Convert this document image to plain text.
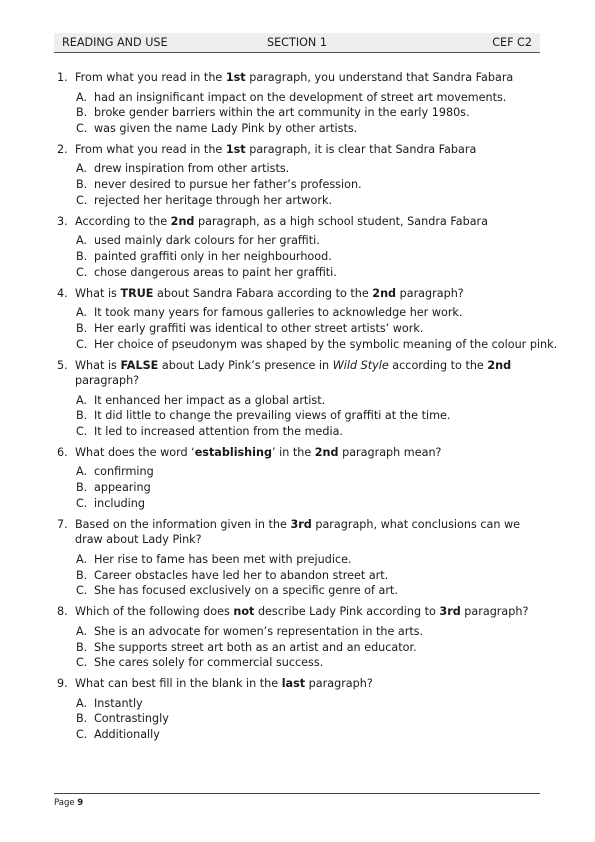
READING AND USE	SECTION 1	CEF C2
1. From what you read in the 1st paragraph, you understand that Sandra Fabara
A. had an insignificant impact on the development of street art movements.
B. broke gender barriers within the art community in the early 1980s.
C. was given the name Lady Pink by other artists.
2. From what you read in the 1st paragraph, it is clear that Sandra Fabara
A. drew inspiration from other artists.
B. never desired to pursue her father’s profession.
C. rejected her heritage through her artwork.
3. According to the 2nd paragraph, as a high school student, Sandra Fabara
A. used mainly dark colours for her graffiti.
B. painted graffiti only in her neighbourhood.
C. chose dangerous areas to paint her graffiti.
4. What is TRUE about Sandra Fabara according to the 2nd paragraph?
A. It took many years for famous galleries to acknowledge her work.
B. Her early graffiti was identical to other street artists’ work.
C. Her choice of pseudonym was shaped by the symbolic meaning of the colour pink.
5. What is FALSE about Lady Pink’s presence in Wild Style according to the 2nd paragraph?
A. It enhanced her impact as a global artist.
B. It did little to change the prevailing views of graffiti at the time.
C. It led to increased attention from the media.
6. What does the word ‘establishing’ in the 2nd paragraph mean?
A. confirming
B. appearing
C. including
7. Based on the information given in the 3rd paragraph, what conclusions can we draw about Lady Pink?
A. Her rise to fame has been met with prejudice.
B. Career obstacles have led her to abandon street art.
C. She has focused exclusively on a specific genre of art.
8. Which of the following does not describe Lady Pink according to 3rd paragraph?
A. She is an advocate for women’s representation in the arts.
B. She supports street art both as an artist and an educator.
C. She cares solely for commercial success.
9. What can best fill in the blank in the last paragraph?
A. Instantly
B. Contrastingly
C. Additionally
Page 9
